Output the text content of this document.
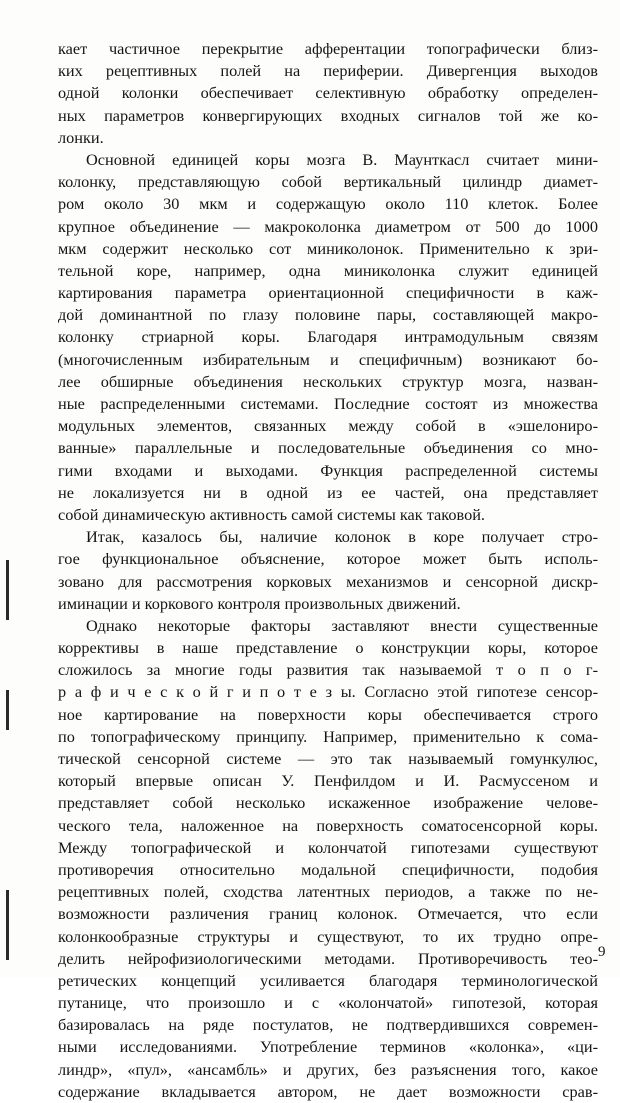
кает частичное перекрытие афферентации топографически близ-
ких рецептивных полей на периферии. Дивергенция выходов
одной колонки обеспечивает селективную обработку определен-
ных параметров конвергирующих входных сигналов той же ко-
лонки.
Основной единицей коры мозга В. Маунткасл считает мини-
колонку, представляющую собой вертикальный цилиндр диамет-
ром около 30 мкм и содержащую около 110 клеток. Более
крупное объединение — макроколонка диаметром от 500 до 1000
мкм содержит несколько сот миниколонок. Применительно к зри-
тельной коре, например, одна миниколонка служит единицей
картирования параметра ориентационной специфичности в каж-
дой доминантной по глазу половине пары, составляющей макро-
колонку стриарной коры. Благодаря интрамодульным связям
(многочисленным избирательным и специфичным) возникают бо-
лее обширные объединения нескольких структур мозга, назван-
ные распределенными системами. Последние состоят из множества
модульных элементов, связанных между собой в «эшелониро-
ванные» параллельные и последовательные объединения со мно-
гими входами и выходами. Функция распределенной системы
не локализуется ни в одной из ее частей, она представляет
собой динамическую активность самой системы как таковой.
Итак, казалось бы, наличие колонок в коре получает стро-
гое функциональное объяснение, которое может быть исполь-
зовано для рассмотрения корковых механизмов и сенсорной дискр-
иминации и коркового контроля произвольных движений.
Однако некоторые факторы заставляют внести существенные
коррективы в наше представление о конструкции коры, которое
сложилось за многие годы развития так называемой т о п о г-
р а ф и ч е с к о й г и п о т е з ы. Согласно этой гипотезе сенсор-
ное картирование на поверхности коры обеспечивается строго
по топографическому принципу. Например, применительно к сома-
тической сенсорной системе — это так называемый гомункулюс,
который впервые описан У. Пенфилдом и И. Расмуссеном и
представляет собой несколько искаженное изображение челове-
ческого тела, наложенное на поверхность соматосенсорной коры.
Между топографической и колончатой гипотезами существуют
противоречия относительно модальной специфичности, подобия
рецептивных полей, сходства латентных периодов, а также по не-
возможности различения границ колонок. Отмечается, что если
колонкообразные структуры и существуют, то их трудно опре-
делить нейрофизиологическими методами. Противоречивость тео-
ретических концепций усиливается благодаря терминологической
путанице, что произошло и с «колончатой» гипотезой, которая
базировалась на ряде постулатов, не подтвердившихся современ-
ными исследованиями. Употребление терминов «колонка», «ци-
линдр», «пул», «ансамбль» и других, без разъяснения того, какое
содержание вкладывается автором, не дает возможности срав-
9
